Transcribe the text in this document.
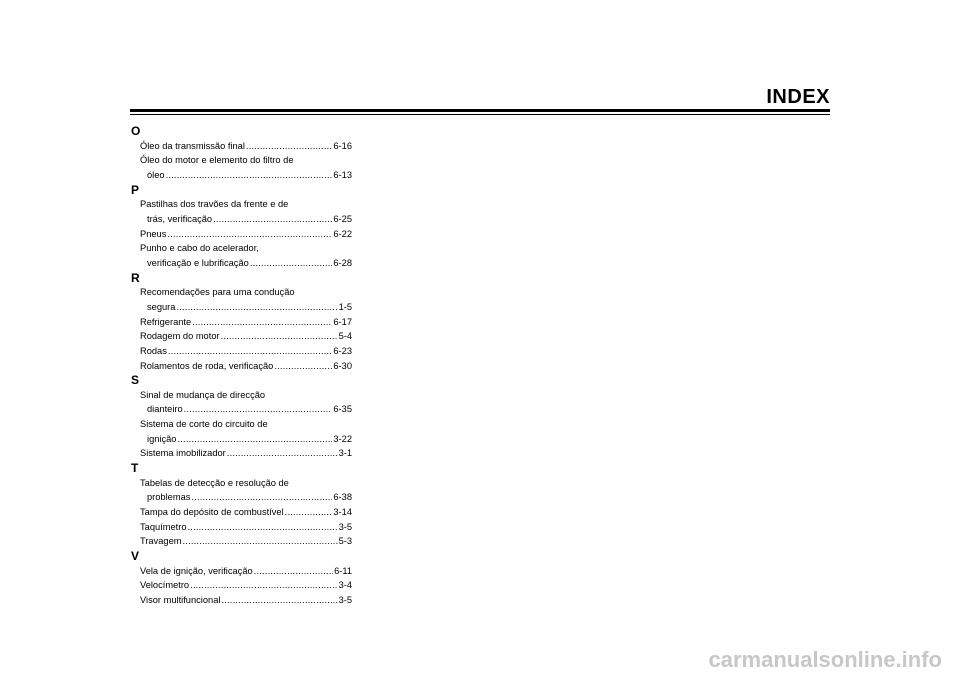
INDEX
O
Óleo da transmissão final .....	6-16
Óleo do motor e elemento do filtro de
óleo .....	6-13
P
Pastilhas dos travões da frente e de
trás, verificação .....	6-25
Pneus .....	6-22
Punho e cabo do acelerador,
verificação e lubrificação .....	6-28
R
Recomendações para uma condução
segura .....	1-5
Refrigerante .....	6-17
Rodagem do motor .....	5-4
Rodas .....	6-23
Rolamentos de roda, verificação .....	6-30
S
Sinal de mudança de direcção
dianteiro .....	6-35
Sistema de corte do circuito de
ignição .....	3-22
Sistema imobilizador .....	3-1
T
Tabelas de detecção e resolução de
problemas .....	6-38
Tampa do depósito de combustível .....	3-14
Taquímetro .....	3-5
Travagem .....	5-3
V
Vela de ignição, verificação .....	6-11
Velocímetro .....	3-4
Visor multifuncional .....	3-5
carmanualsonline.info
